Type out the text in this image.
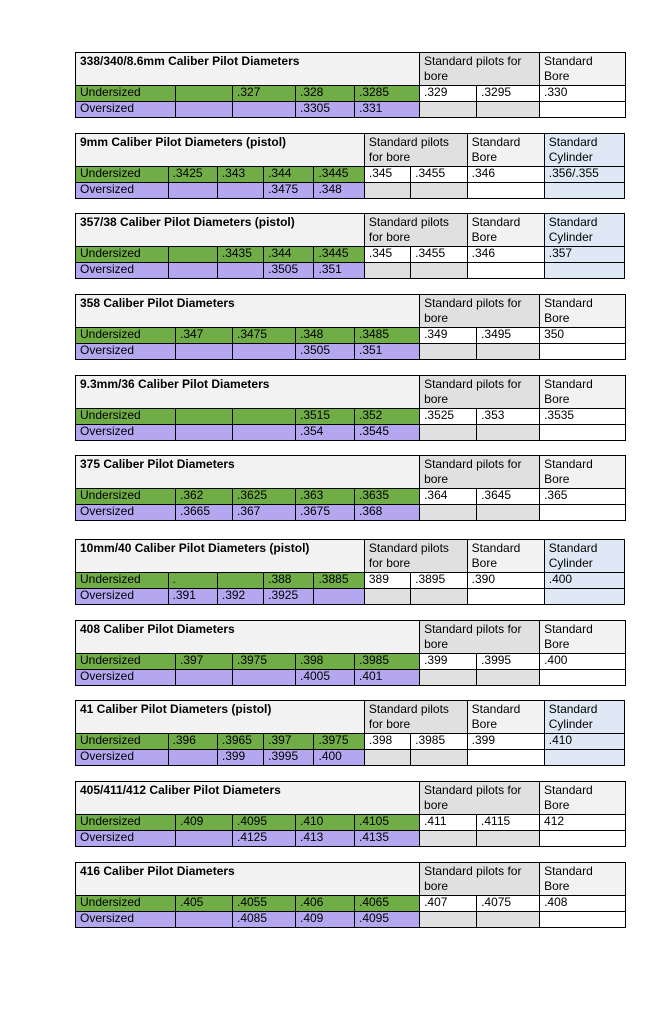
338/340/8.6mm Caliber Pilot Diameters					Standard pilots for bore		Standard Bore
Undersized		.327	.328	.3285	.329	.3295	.330
Oversized			.3305	.331			
9mm Caliber Pilot Diameters (pistol)					Standard pilots for bore		Standard Bore	Standard Cylinder
Undersized	.3425	.343	.344	.3445	.345	.3455	.346	.356/.355
Oversized			.3475	.348				
357/38 Caliber Pilot Diameters (pistol)					Standard pilots for bore		Standard Bore	Standard Cylinder
Undersized		.3435	.344	.3445	.345	.3455	.346	.357
Oversized			.3505	.351				
358 Caliber Pilot Diameters					Standard pilots for bore		Standard Bore
Undersized	.347	.3475	.348	.3485	.349	.3495	350
Oversized			.3505	.351			
9.3mm/36 Caliber Pilot Diameters					Standard pilots for bore		Standard Bore
Undersized			.3515	.352	.3525	.353	.3535
Oversized			.354	.3545			
375 Caliber Pilot Diameters					Standard pilots for bore		Standard Bore
Undersized	.362	.3625	.363	.3635	.364	.3645	.365
Oversized	.3665	.367	.3675	.368			
10mm/40 Caliber Pilot Diameters (pistol)					Standard pilots for bore		Standard Bore	Standard Cylinder
Undersized	.		.388	.3885	389	.3895	.390	.400
Oversized	.391	.392	.3925					
408 Caliber Pilot Diameters					Standard pilots for bore		Standard Bore
Undersized	.397	.3975	.398	.3985	.399	.3995	.400
Oversized			.4005	.401			
41 Caliber Pilot Diameters (pistol)					Standard pilots for bore		Standard Bore	Standard Cylinder
Undersized	.396	.3965	.397	.3975	.398	.3985	.399	.410
Oversized		.399	.3995	.400				
405/411/412 Caliber Pilot Diameters					Standard pilots for bore		Standard Bore
Undersized	.409	.4095	.410	.4105	.411	.4115	412
Oversized		.4125	.413	.4135			
416 Caliber Pilot Diameters					Standard pilots for bore		Standard Bore
Undersized	.405	.4055	.406	.4065	.407	.4075	.408
Oversized		.4085	.409	.4095			
